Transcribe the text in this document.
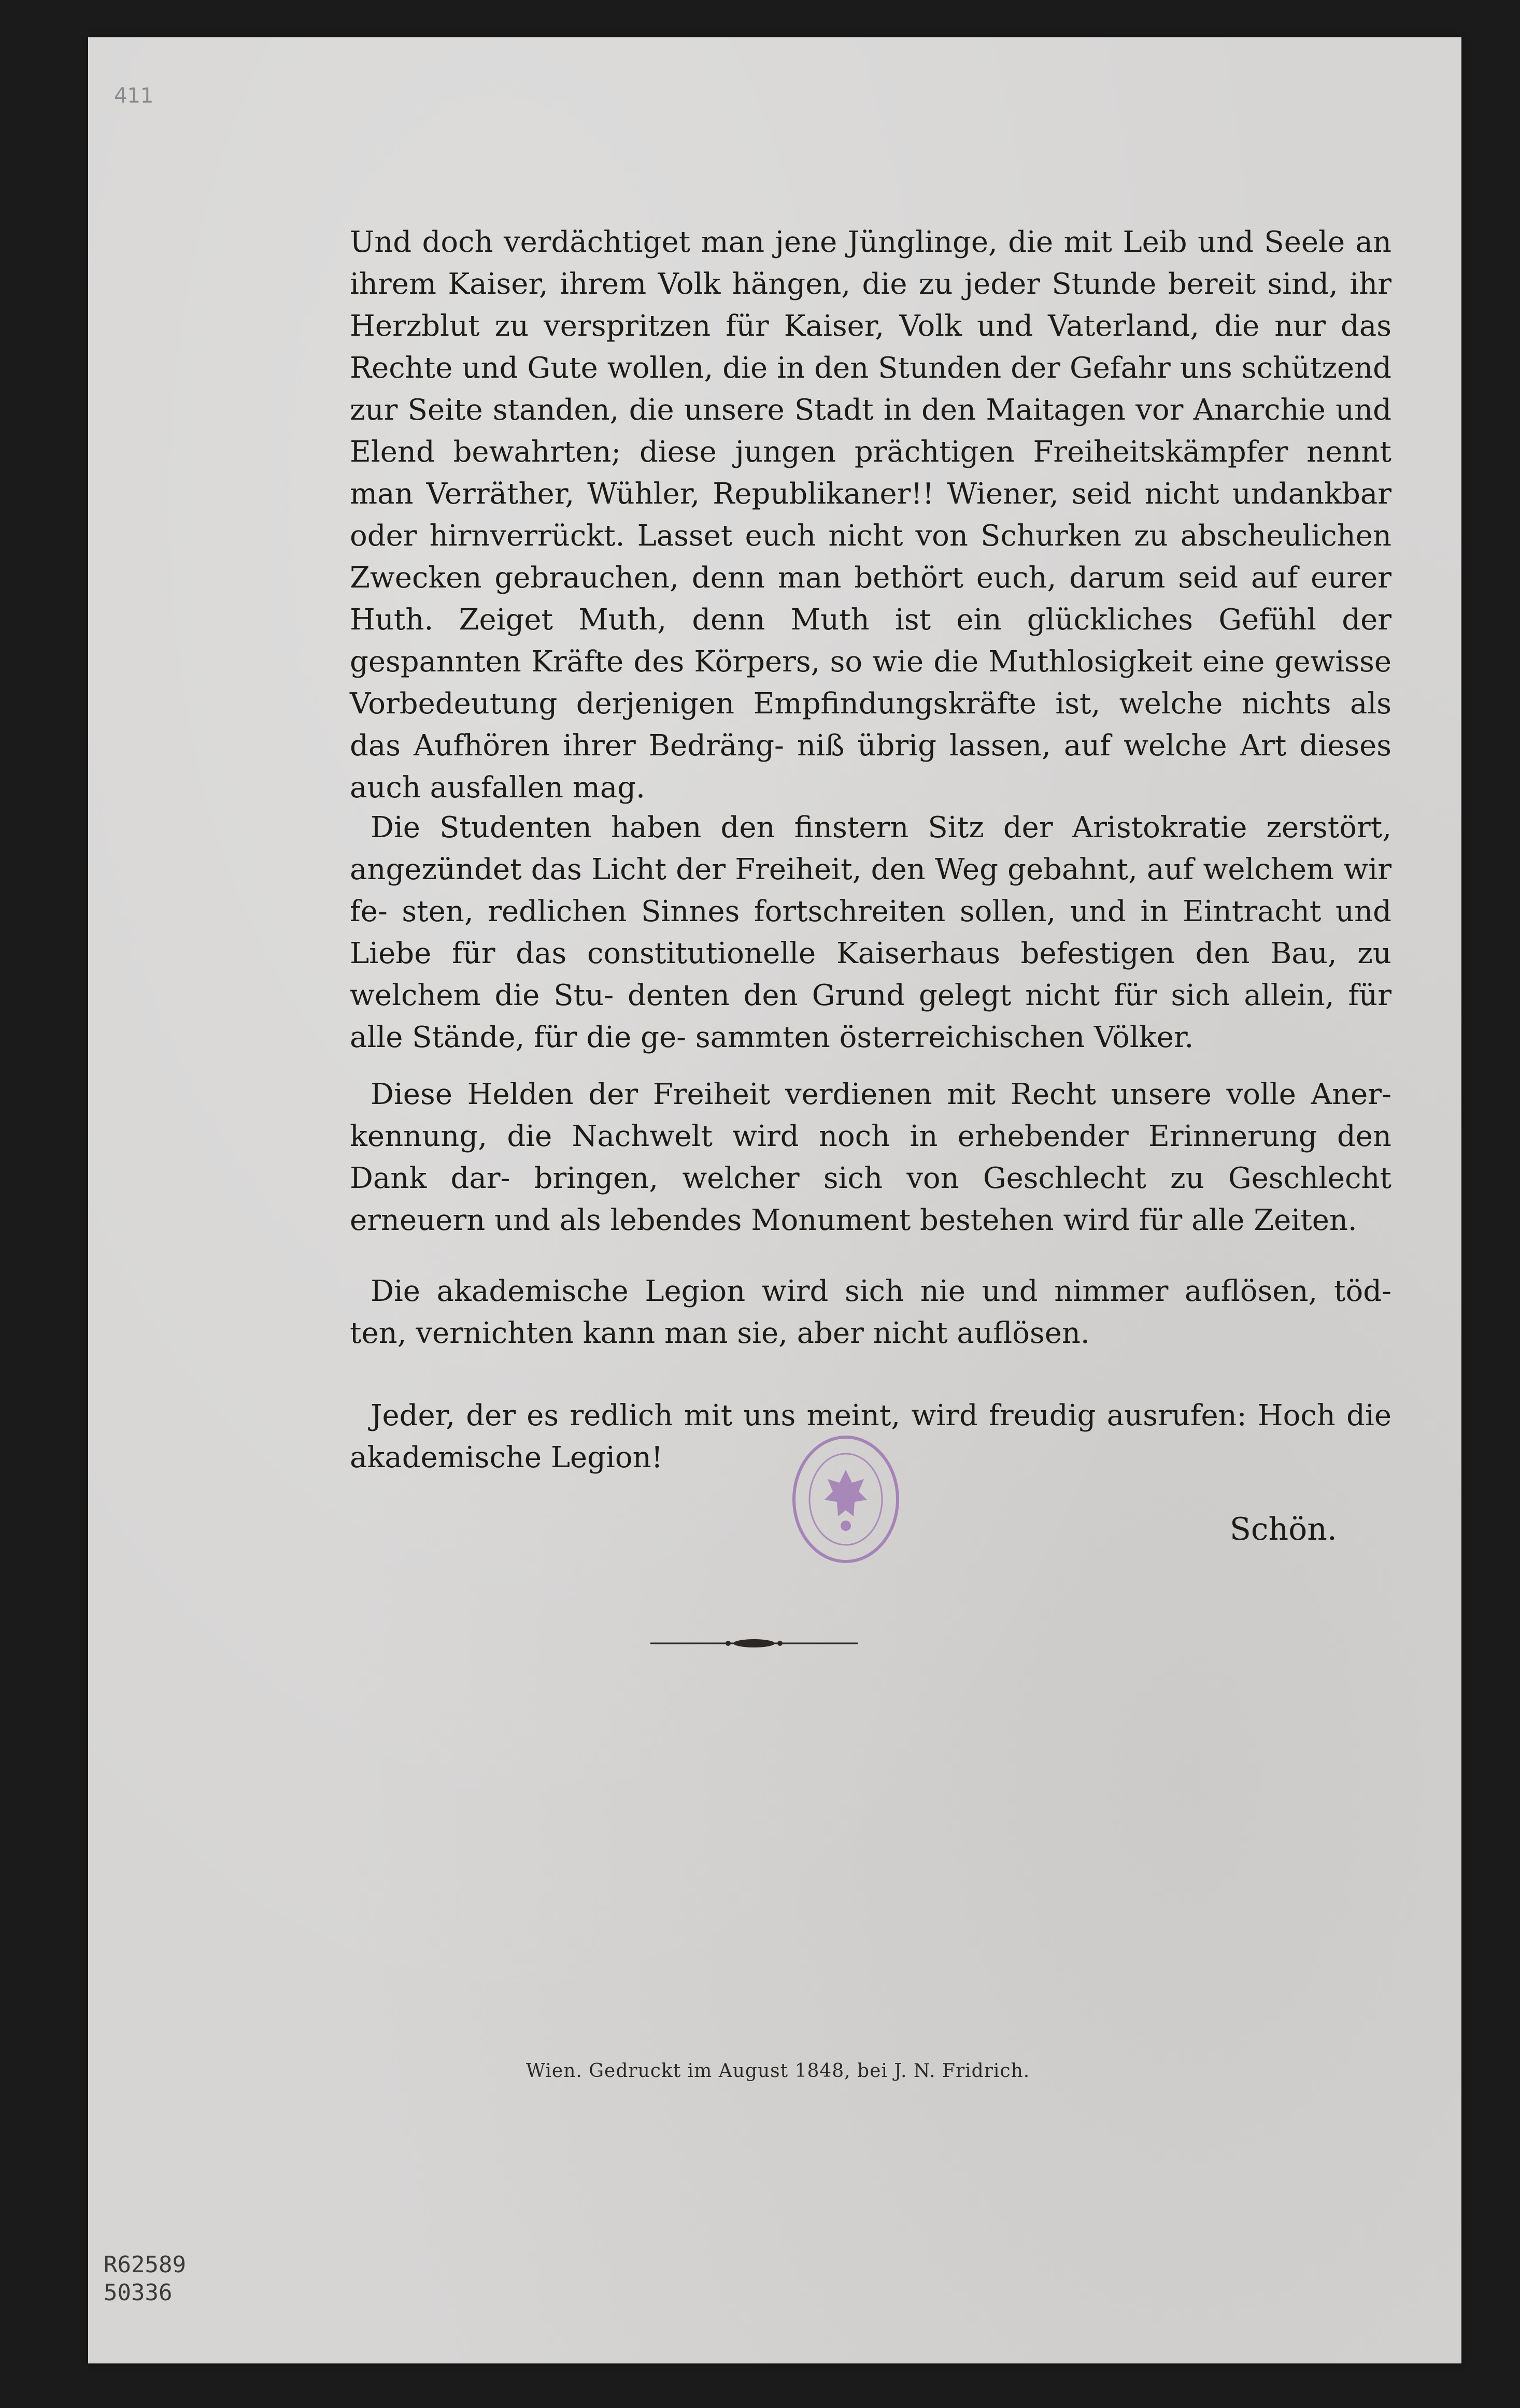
411
Und doch verdächtiget man jene Jünglinge, die mit Leib und Seele an ihrem Kaiser, ihrem Volk hängen, die zu jeder Stunde bereit sind, ihr Herzblut zu verspritzen für Kaiser, Volk und Vaterland, die nur das Rechte und Gute wollen, die in den Stunden der Gefahr uns schützend zur Seite standen, die unsere Stadt in den Maitagen vor Anarchie und Elend bewahrten; diese jungen prächtigen Freiheitskämpfer nennt man Verräther, Wühler, Republikaner!! Wiener, seid nicht undankbar oder hirnverrückt. Lasset euch nicht von Schurken zu abscheulichen Zwecken gebrauchen, denn man bethört euch, darum seid auf eurer Huth. Zeiget Muth, denn Muth ist ein glückliches Gefühl der gespannten Kräfte des Körpers, so wie die Muthlosigkeit eine gewisse Vorbedeutung derjenigen Empfindungskräfte ist, welche nichts als das Aufhören ihrer Bedräng- niß übrig lassen, auf welche Art dieses auch ausfallen mag.
Die Studenten haben den finstern Sitz der Aristokratie zerstört, angezündet das Licht der Freiheit, den Weg gebahnt, auf welchem wir fe- sten, redlichen Sinnes fortschreiten sollen, und in Eintracht und Liebe für das constitutionelle Kaiserhaus befestigen den Bau, zu welchem die Stu- denten den Grund gelegt nicht für sich allein, für alle Stände, für die ge- sammten österreichischen Völker.
Diese Helden der Freiheit verdienen mit Recht unsere volle Aner- kennung, die Nachwelt wird noch in erhebender Erinnerung den Dank dar- bringen, welcher sich von Geschlecht zu Geschlecht erneuern und als lebendes Monument bestehen wird für alle Zeiten.
Die akademische Legion wird sich nie und nimmer auflösen, töd- ten, vernichten kann man sie, aber nicht auflösen.
Jeder, der es redlich mit uns meint, wird freudig ausrufen: Hoch die akademische Legion!
Schön.
Wien. Gedruckt im August 1848, bei J. N. Fridrich.
R62589
50336
